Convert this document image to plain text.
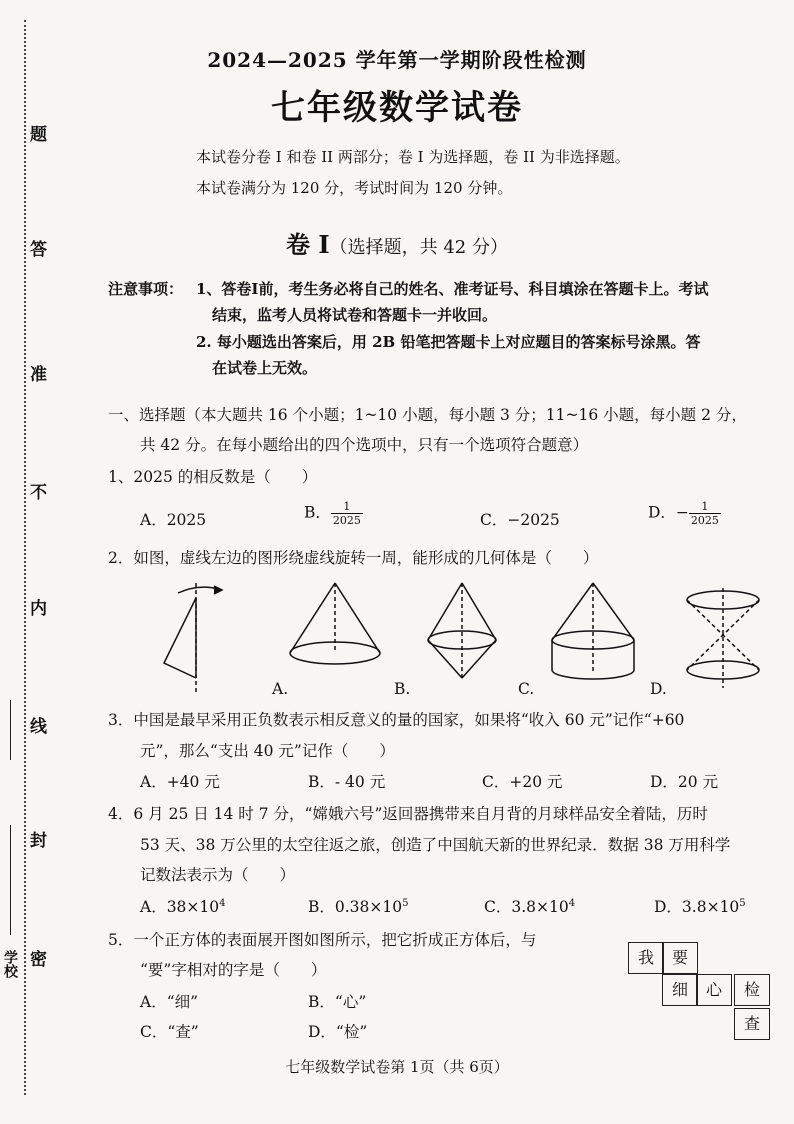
题
答
准
不
内
线
封
密
学校
2024—2025 学年第一学期阶段性检测
七年级数学试卷
本试卷分卷 I 和卷 II 两部分；卷 I 为选择题，卷 II 为非选择题。
本试卷满分为 120 分，考试时间为 120 分钟。
卷 I（选择题，共 42 分）
注意事项： 1、答卷Ⅰ前，考生务必将自己的姓名、准考证号、科目填涂在答题卡上。考试
结束，监考人员将试卷和答题卡一并收回。
2. 每小题选出答案后，用 2B 铅笔把答题卡上对应题目的答案标号涂黑。答
在试卷上无效。
一、选择题（本大题共 16 个小题；1~10 小题，每小题 3 分；11~16 小题，每小题 2 分，
共 42 分。在每小题给出的四个选项中，只有一个选项符合题意）
1、2025 的相反数是（　　）
A．2025	B． $\frac{1}{2025}$	C．−2025	D．− $\frac{1}{2025}$
2．如图，虚线左边的图形绕虚线旋转一周，能形成的几何体是（　　）
A.	B.	C.	D.
3．中国是最早采用正负数表示相反意义的量的国家，如果将“收入 60 元”记作“+60
元”，那么“支出 40 元”记作（　　）
A．+40 元	B．- 40 元	C．+20 元	D．20 元
4．6 月 25 日 14 时 7 分，“嫦娥六号”返回器携带来自月背的月球样品安全着陆，历时
53 天、38 万公里的太空往返之旅，创造了中国航天新的世界纪录．数据 38 万用科学
记数法表示为（　　）
A．$38\times 10^4$	B．$0.38\times 10^5$	C．$3.8\times 10^4$	D．$3.8\times 10^5$
5．一个正方体的表面展开图如图所示，把它折成正方体后，与
“要”字相对的字是（　　）
A．“细”	B．“心”
C．“查”	D．“检”
我	要
细	心	检
查
七年级数学试卷第 1页（共 6页）
